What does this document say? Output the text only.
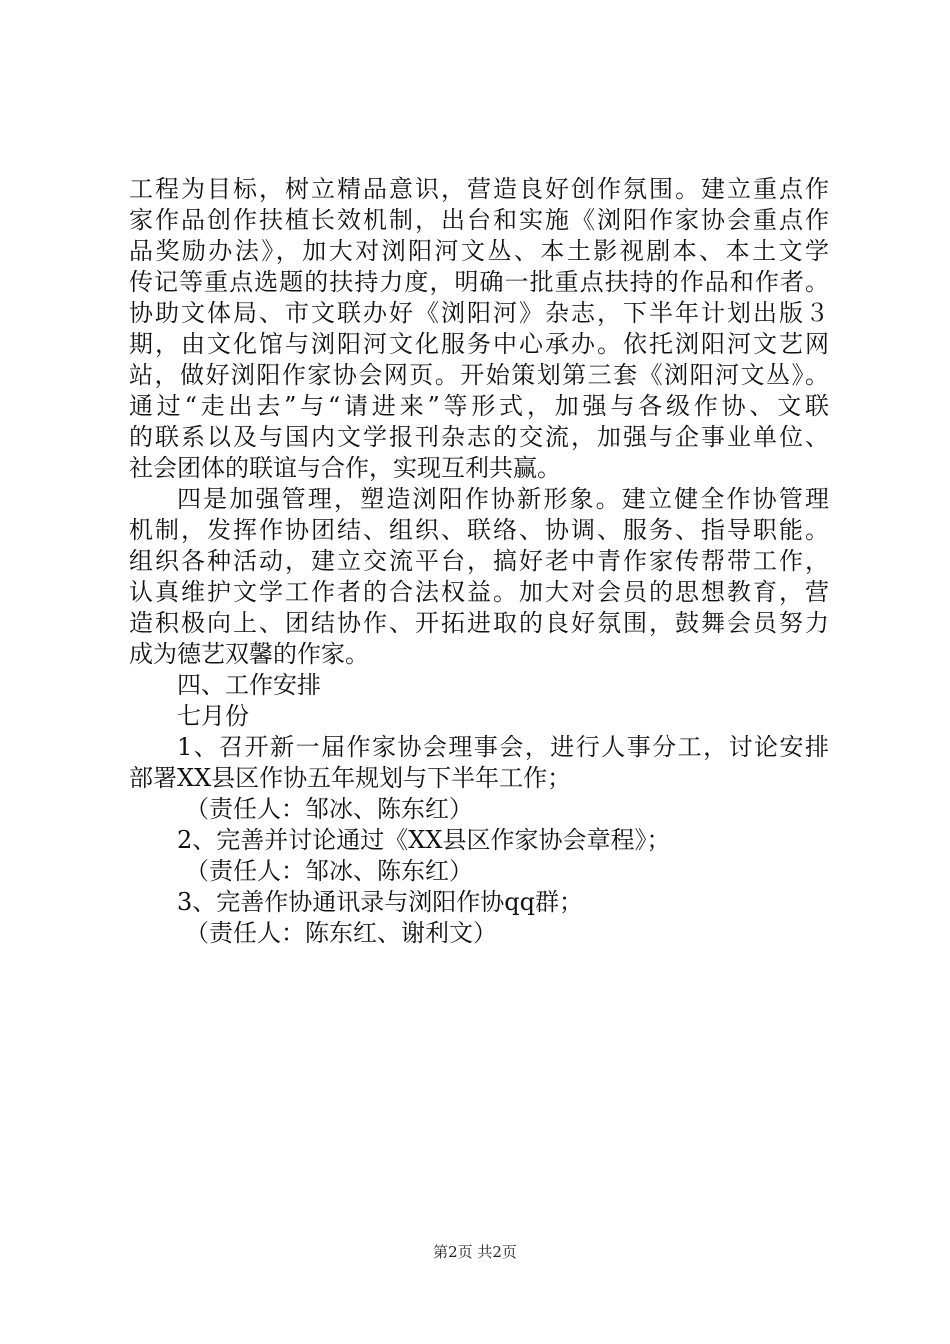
工程为目标，树立精品意识，营造良好创作氛围。建立重点作
家作品创作扶植长效机制，出台和实施《浏阳作家协会重点作
品奖励办法》，加大对浏阳河文丛、本土影视剧本、本土文学
传记等重点选题的扶持力度，明确一批重点扶持的作品和作者。
协助文体局、市文联办好《浏阳河》杂志，下半年计划出版３
期，由文化馆与浏阳河文化服务中心承办。依托浏阳河文艺网
站，做好浏阳作家协会网页。开始策划第三套《浏阳河文丛》。
通过“走出去”与“请进来”等形式，加强与各级作协、文联
的联系以及与国内文学报刊杂志的交流，加强与企事业单位、
社会团体的联谊与合作，实现互利共赢。
四是加强管理，塑造浏阳作协新形象。建立健全作协管理
机制，发挥作协团结、组织、联络、协调、服务、指导职能。
组织各种活动，建立交流平台，搞好老中青作家传帮带工作，
认真维护文学工作者的合法权益。加大对会员的思想教育，营
造积极向上、团结协作、开拓进取的良好氛围，鼓舞会员努力
成为德艺双馨的作家。
四、工作安排
七月份
1、召开新一届作家协会理事会，进行人事分工，讨论安排
部署XX县区作协五年规划与下半年工作；
（责任人：邹冰、陈东红）
2、完善并讨论通过《XX县区作家协会章程》；
（责任人：邹冰、陈东红）
3、完善作协通讯录与浏阳作协qq群；
（责任人：陈东红、谢利文）
第2页 共2页
